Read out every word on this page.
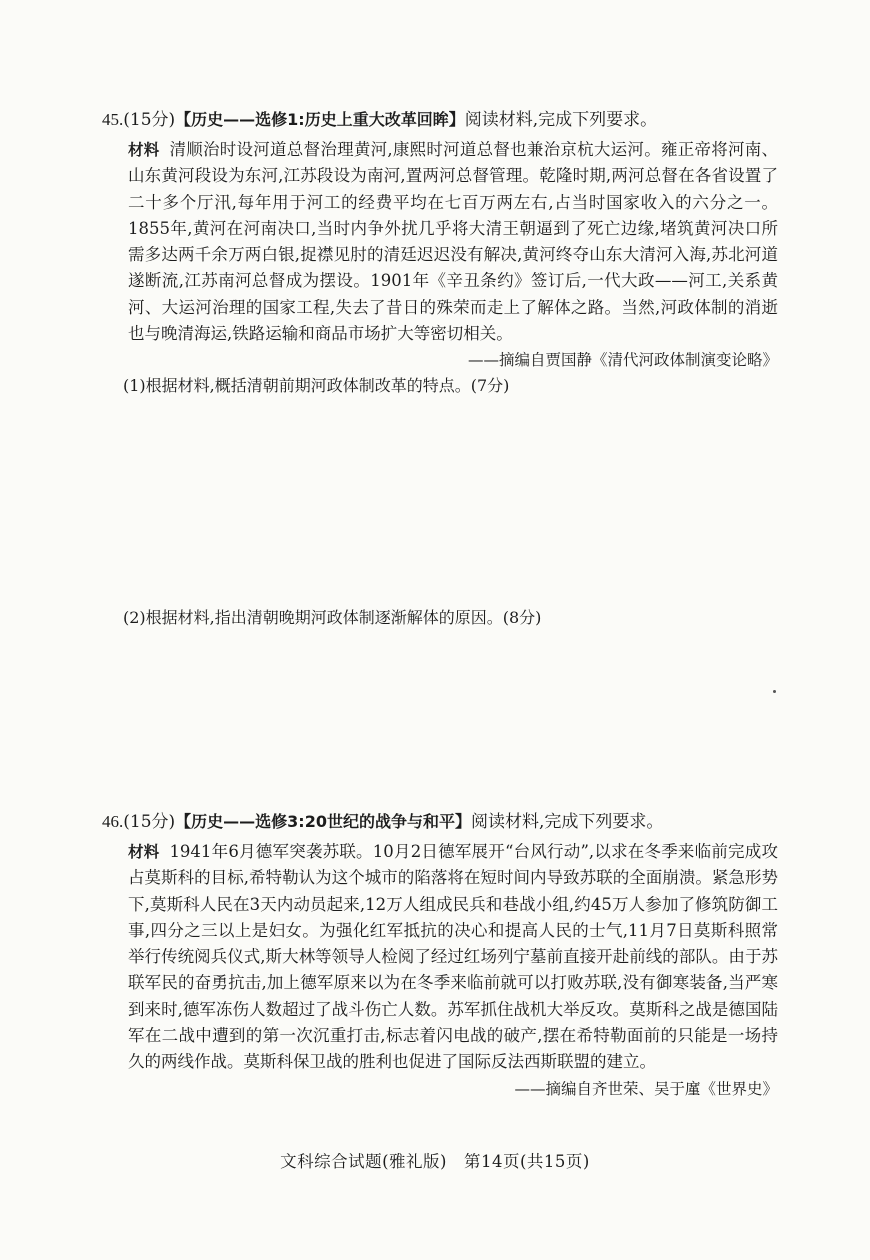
45.(15分)【历史——选修1:历史上重大改革回眸】阅读材料,完成下列要求。
材料 清顺治时设河道总督治理黄河,康熙时河道总督也兼治京杭大运河。雍正帝将河南、山东黄河段设为东河,江苏段设为南河,置两河总督管理。乾隆时期,两河总督在各省设置了二十多个厅汛,每年用于河工的经费平均在七百万两左右,占当时国家收入的六分之一。1855年,黄河在河南决口,当时内争外扰几乎将大清王朝逼到了死亡边缘,堵筑黄河决口所需多达两千余万两白银,捉襟见肘的清廷迟迟没有解决,黄河终夺山东大清河入海,苏北河道遂断流,江苏南河总督成为摆设。1901年《辛丑条约》签订后,一代大政——河工,关系黄河、大运河治理的国家工程,失去了昔日的殊荣而走上了解体之路。当然,河政体制的消逝也与晚清海运,铁路运输和商品市场扩大等密切相关。
——摘编自贾国静《清代河政体制演变论略》
(1)根据材料,概括清朝前期河政体制改革的特点。(7分)
(2)根据材料,指出清朝晚期河政体制逐渐解体的原因。(8分)
46.(15分)【历史——选修3:20世纪的战争与和平】阅读材料,完成下列要求。
材料 1941年6月德军突袭苏联。10月2日德军展开“台风行动”,以求在冬季来临前完成攻占莫斯科的目标,希特勒认为这个城市的陷落将在短时间内导致苏联的全面崩溃。紧急形势下,莫斯科人民在3天内动员起来,12万人组成民兵和巷战小组,约45万人参加了修筑防御工事,四分之三以上是妇女。为强化红军抵抗的决心和提高人民的士气,11月7日莫斯科照常举行传统阅兵仪式,斯大林等领导人检阅了经过红场列宁墓前直接开赴前线的部队。由于苏联军民的奋勇抗击,加上德军原来以为在冬季来临前就可以打败苏联,没有御寒装备,当严寒到来时,德军冻伤人数超过了战斗伤亡人数。苏军抓住战机大举反攻。莫斯科之战是德国陆军在二战中遭到的第一次沉重打击,标志着闪电战的破产,摆在希特勒面前的只能是一场持久的两线作战。莫斯科保卫战的胜利也促进了国际反法西斯联盟的建立。
——摘编自齐世荣、吴于廑《世界史》
文科综合试题(雅礼版)　第14页(共15页)
